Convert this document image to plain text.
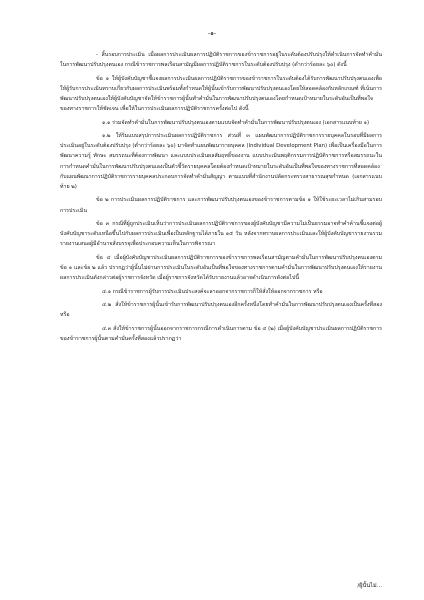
-๑-

- สิ้นรอบการประเมิน เมื่อผลการประเมินผลการปฏิบัติราชการของข้าราชการอยู่ในระดับต้องปรับปรุงให้ดำเนินการจัดทำคำมั่นในการพัฒนาปรับปรุงตนเอง กรณีข้าราชการพลเรือนสามัญมีผลการปฏิบัติราชการในระดับต้องปรับปรุง (ดำกว่าร้อยละ ๖๐) ดังนี้

ข้อ ๑ ให้ผู้บังคับบัญชาชี้แจงผลการประเมินผลการปฏิบัติราชการของข้าราชการในระดับต้องได้รับการพัฒนาปรับปรุงตนเองเพื่อให้ผู้รับการประเมินทราบเกี่ยวกับผลการประเมินพร้อมทั้งกำหนดให้ผู้นั้นเข้ารับการพัฒนาปรับปรุงตนเองโดยให้สอดคล้องกับหลักเกณฑ์ ที่เน้นการพัฒนาปรับปรุงตนเองให้ผู้บังคับบัญชาจัดให้ข้าราชการผู้นั้นทำคำมั่นในการพัฒนาปรับปรุงตนเองโดยกำหนดเป้าหมายในระดับอันเป็นที่พอใจของทางราชการให้ชัดเจน เพื่อให้ในการประเมินผลการปฏิบัติราชการครั้งต่อไป ดังนี้

๑.๑ ร่วมจัดทำคำมั่นในการพัฒนาปรับปรุงตนเองตามแบบจัดทำคำมั่นในการพัฒนาปรับปรุงตนเอง (เอกสารแนบท้าย ๑)

๑.๒ ให้ริ่มแบบสรุปการประเมินผลการปฏิบัติราชการ ส่วนที่ ๓ แผนพัฒนาการปฏิบัติราชการรายบุคคลในรอบที่มีผลการประเมินอยู่ในระดับต้องปรับปรุง (ต่ำกว่าร้อยละ ๖๐) มาจัดทำแผนพัฒนารายบุคคล (Individual Development Plan) เพื่อเป็นเครื่องมือในการพัฒนาความรู้ ทักษะ สมรรถนะที่ต้องการพัฒนา และแบบประเมินผลสัมฤทธิ์ของงาน แบบประเมินพฤติกรรมการปฏิบัติราชการหรือสมรรถนะในการกำหนดคำมั่นในการพัฒนาปรับปรุงตนเองเป็นตัวชี้วัดรายบุคคลโดยต้องกำหนดเป้าหมายในระดับอันเป็นที่พอใจของทางราชการที่สอดคล้องกับแผนพัฒนาการปฏิบัติราชการรายบุคคลประกอบการจัดทำคำมั่นสัญญา ตามแบบที่สำนักงานปลัดกระทรวงสาธารณสุขกำหนด (เอกสารแนบท้าย ๒)

ข้อ ๒ การประเมินผลการปฏิบัติราชการ และการพัฒนาปรับปรุงตนเองของข้าราชการตามข้อ ๑ ให้ใช้ระยะเวลาไม่เกินสามรอบการประเมิน

ข้อ ๓ กรณีที่ผู้ถูกประเมินเห็นว่าการประเมินผลการปฏิบัติราชการของผู้บังคับบัญชามีความไม่เป็นธรรมอาจทำคำค้านชี้แจงต่อผู้บังคับบัญชาระดับเหนือขึ้นไปกับผลการประเมินเพื่อเป็นหลักฐานได้ภายใน ๑๕ วัน หลังจากทราบผลการประเมินและให้ผู้บังคับบัญชารายงานรวมรายงานเสนอผู้มีอำนาจสั่งบรรจุเพื่อประกอบความเห็นในการพิจารณา

ข้อ ๔ เมื่อผู้บังคับบัญชาประเมินผลการปฏิบัติราชการของข้าราชการพลเรือนสามัญตามคำมั่นในการพัฒนาปรับปรุงตนเองตามข้อ ๑ และข้อ ๒ แล้ว ปรากฏว่าผู้นั้นไม่ผ่านการประเมินในระดับอันเป็นที่พอใจของทางราชการตามคำมั่นในการพัฒนาปรับปรุงตนเองให้รายงานผลการประเมินดังกล่าวต่อผู้ราชการจังหวัด เมื่อผู้ราชการจังหวัดได้รับรายงานแล้วอาจดำเนินการดังต่อไปนี้

๔.๑ กรณีข้าราชการผู้รับการประเมินประสงค์จะลาออกจากราชการก็ให้สั่งให้ออกจากราชการ หรือ

๔.๒ สั่งให้ข้าราชการผู้นั้นเข้ารับการพัฒนาปรับปรุงตนเองอีกครั้งหนึ่งโดยทำคำมั่นในการพัฒนาปรับปรุงตนเองเป็นครั้งที่สอง หรือ

๔.๓ สั่งให้ข้าราชการผู้นั้นออกจากราชการกรณีการดำเนินการตาม ข้อ ๔ (๒) เมื่อผู้บังคับบัญชาประเมินผลการปฏิบัติราชการของข้าราชการผู้นั้นตามคำมั่นครั้งที่สองแล้วปรากฏว่า

/ผู้นั้นไม่...
